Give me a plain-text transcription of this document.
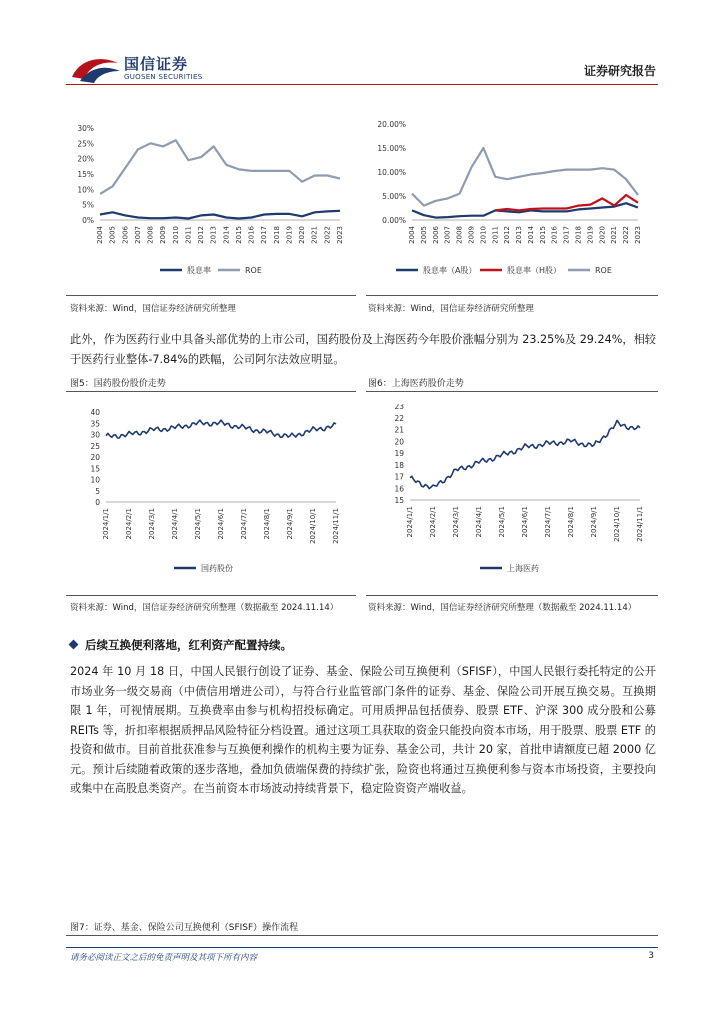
国信证券
GUOSEN SECURITIES	证券研究报告
0%
5%
10%
15%
20%
25%
30%
2004 2005 2006 2007 2008 2009 2010 2011 2012 2013 2014 2015 2016 2017 2018 2019 2020 2021 2022 2023
股息率	ROE
资料来源：Wind，国信证券经济研究所整理
0.00%
5.00%
10.00%
15.00%
20.00%
2004 2005 2006 2007 2008 2009 2010 2011 2012 2013 2014 2015 2016 2017 2018 2019 2020 2021 2022 2023
股息率（A股）	股息率（H股）	ROE
资料来源：Wind，国信证券经济研究所整理
此外，作为医药行业中具备头部优势的上市公司，国药股份及上海医药今年股价涨幅分别为 23.25%及 29.24%，相较于医药行业整体-7.84%的跌幅，公司阿尔法效应明显。
图5：国药股份股价走势	图6：上海医药股价走势
0
5
10
15
20
25
30
35
40
2024/1/1 2024/2/1 2024/3/1 2024/4/1 2024/5/1 2024/6/1 2024/7/1 2024/8/1 2024/9/1 2024/10/1 2024/11/1
国药股份
15
16
17
18
19
20
21
22
23
2024/1/1 2024/2/1 2024/3/1 2024/4/1 2024/5/1 2024/6/1 2024/7/1 2024/8/1 2024/9/1 2024/10/1 2024/11/1
上海医药
资料来源：Wind，国信证券经济研究所整理（数据截至 2024.11.14）	资料来源：Wind，国信证券经济研究所整理（数据截至 2024.11.14）
后续互换便利落地，红利资产配置持续。
2024 年 10 月 18 日，中国人民银行创设了证券、基金、保险公司互换便利（SFISF），中国人民银行委托特定的公开市场业务一级交易商（中债信用增进公司），与符合行业监管部门条件的证券、基金、保险公司开展互换交易。互换期限 1 年，可视情展期。互换费率由参与机构招投标确定。可用质押品包括债券、股票 ETF、沪深 300 成分股和公募 REITs 等，折扣率根据质押品风险特征分档设置。通过这项工具获取的资金只能投向资本市场，用于股票、股票 ETF 的投资和做市。目前首批获准参与互换便利操作的机构主要为证券、基金公司，共计 20 家，首批申请额度已超 2000 亿元。预计后续随着政策的逐步落地，叠加负债端保费的持续扩张，险资也将通过互换便利参与资本市场投资，主要投向或集中在高股息类资产。在当前资本市场波动持续背景下，稳定险资资产端收益。
图7：证券、基金、保险公司互换便利（SFISF）操作流程
请务必阅读正文之后的免责声明及其项下所有内容	3
